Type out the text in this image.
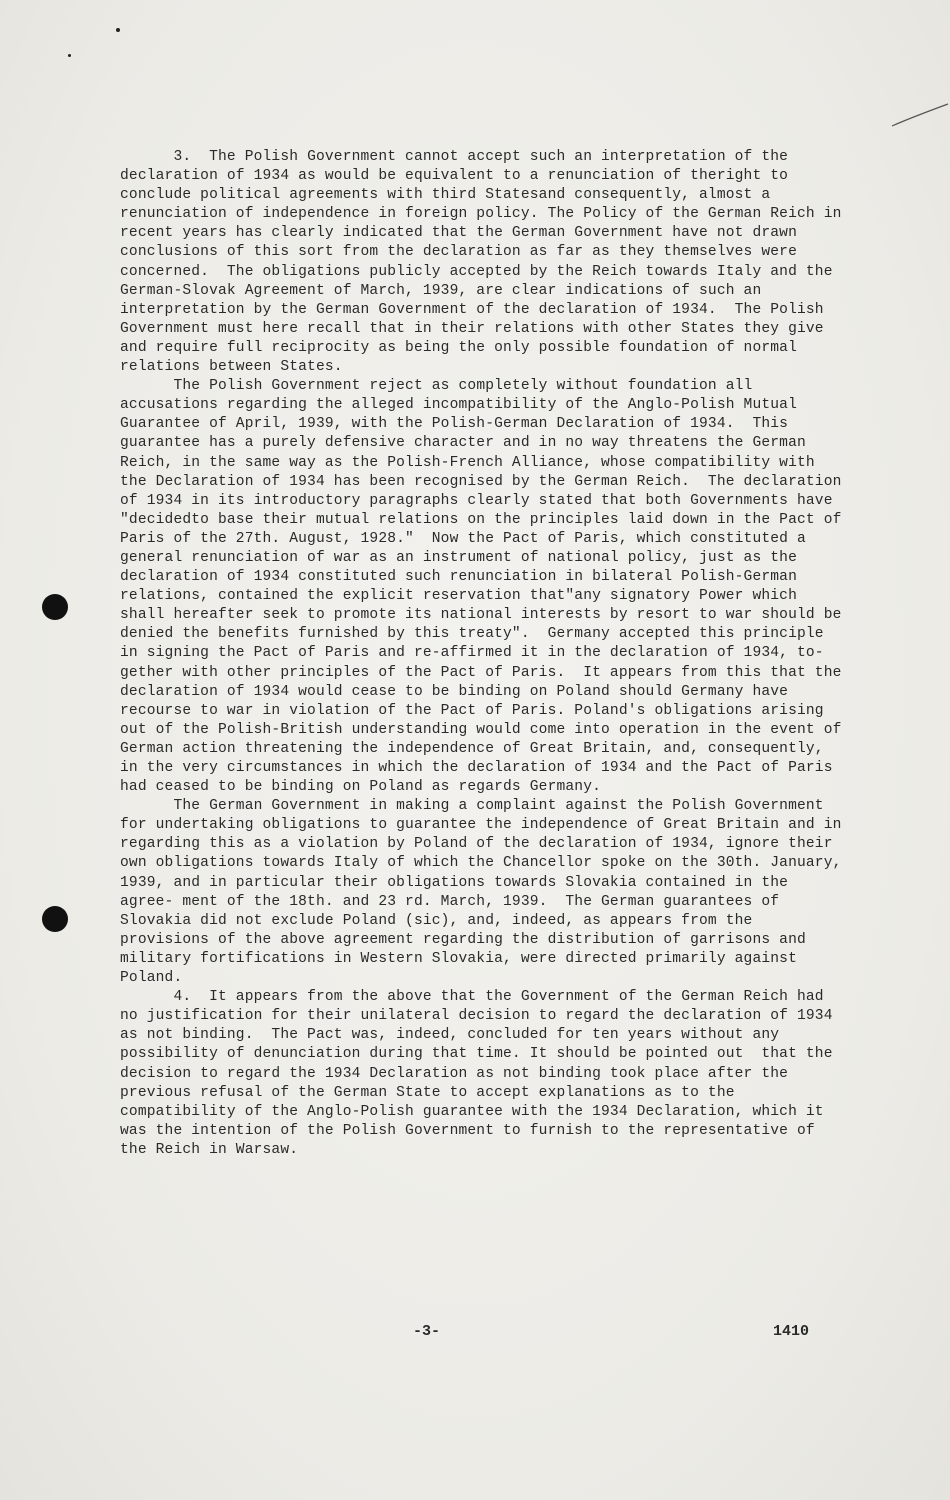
3.  The Polish Government cannot accept such an interpretation of the declaration of 1934 as would be equivalent to a renunciation of theright to conclude political agreements with third Statesand consequently, almost a renunciation of independence in foreign policy. The Policy of the German Reich in recent years has clearly indicated that the German Government have not drawn conclusions of this sort from the declaration as far as they themselves were concerned.  The obligations publicly accepted by the Reich towards Italy and the German-Slovak Agreement of March, 1939, are clear indications of such an interpretation by the German Government of the declaration of 1934.  The Polish Government must here recall that in their relations with other States they give and require full reciprocity as being the only possible foundation of normal relations between States.

The Polish Government reject as completely without foundation all accusations regarding the alleged incompatibility of the Anglo-Polish Mutual Guarantee of April, 1939, with the Polish-German Declaration of 1934.  This guarantee has a purely defensive character and in no way threatens the German Reich, in the same way as the Polish-French Alliance, whose compatibility with the Declaration of 1934 has been recognised by the German Reich.  The declaration of 1934 in its introductory paragraphs clearly stated that both Governments have "decidedto base their mutual relations on the principles laid down in the Pact of Paris of the 27th. August, 1928."  Now the Pact of Paris, which constituted a general renunciation of war as an instrument of national policy, just as the declaration of 1934 constituted such renunciation in bilateral Polish-German relations, contained the explicit reservation that"any signatory Power which shall hereafter seek to promote its national interests by resort to war should be denied the benefits furnished by this treaty".  Germany accepted this principle in signing the Pact of Paris and re-affirmed it in the declaration of 1934, to- gether with other principles of the Pact of Paris.  It appears from this that the declaration of 1934 would cease to be binding on Poland should Germany have recourse to war in violation of the Pact of Paris. Poland's obligations arising out of the Polish-British understanding would come into operation in the event of German action threatening the independence of Great Britain, and, consequently, in the very circumstances in which the declaration of 1934 and the Pact of Paris had ceased to be binding on Poland as regards Germany.

The German Government in making a complaint against the Polish Government for undertaking obligations to guarantee the independence of Great Britain and in regarding this as a violation by Poland of the declaration of 1934, ignore their own obligations towards Italy of which the Chancellor spoke on the 30th. January, 1939, and in particular their obligations towards Slovakia contained in the agree- ment of the 18th. and 23 rd. March, 1939.  The German guarantees of Slovakia did not exclude Poland (sic), and, indeed, as appears from the provisions of the above agreement regarding the distribution of garrisons and military fortifications in Western Slovakia, were directed primarily against Poland.

4.  It appears from the above that the Government of the German Reich had no justification for their unilateral decision to regard the declaration of 1934 as not binding.  The Pact was, indeed, concluded for ten years without any possibility of denunciation during that time. It should be pointed out  that the decision to regard the 1934 Declaration as not binding took place after the previous refusal of the German State to accept explanations as to the compatibility of the Anglo-Polish guarantee with the 1934 Declaration, which it was the intention of the Polish Government to furnish to the representative of the Reich in Warsaw.

-3-	1410
